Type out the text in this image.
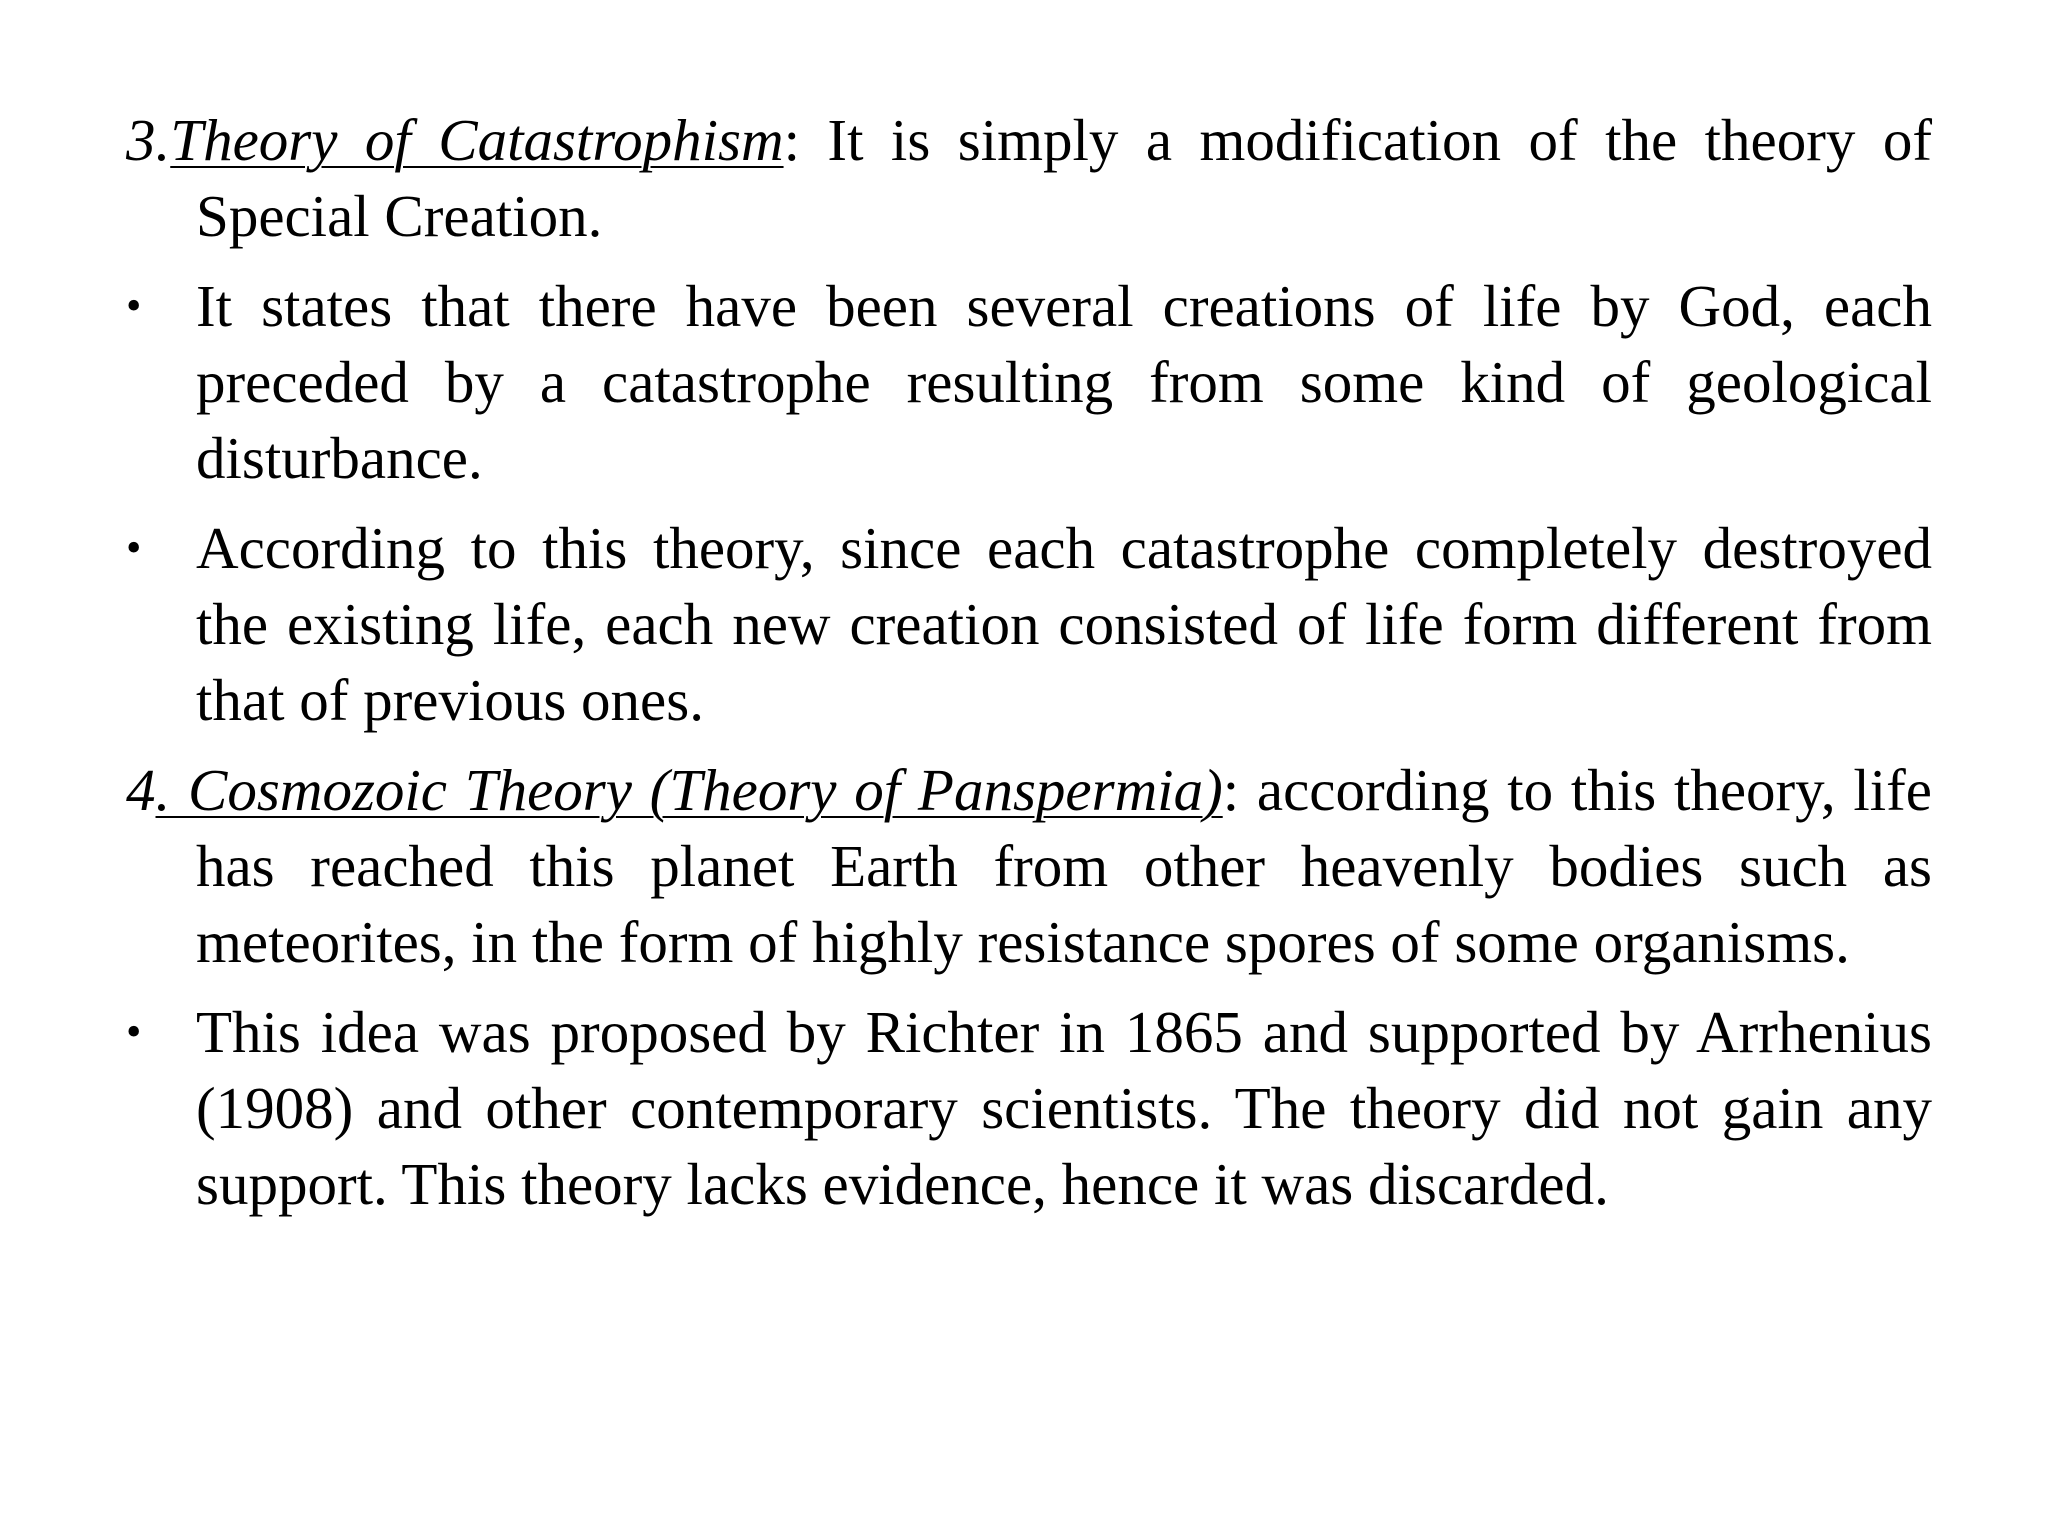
3.Theory of Catastrophism: It is simply a modification of the theory of Special Creation.

• It states that there have been several creations of life by God, each preceded by a catastrophe resulting from some kind of geological disturbance.

• According to this theory, since each catastrophe completely destroyed the existing life, each new creation consisted of life form different from that of previous ones.

4. Cosmozoic Theory (Theory of Panspermia): according to this theory, life has reached this planet Earth from other heavenly bodies such as meteorites, in the form of highly resistance spores of some organisms.

• This idea was proposed by Richter in 1865 and supported by Arrhenius (1908) and other contemporary scientists. The theory did not gain any support. This theory lacks evidence, hence it was discarded.
